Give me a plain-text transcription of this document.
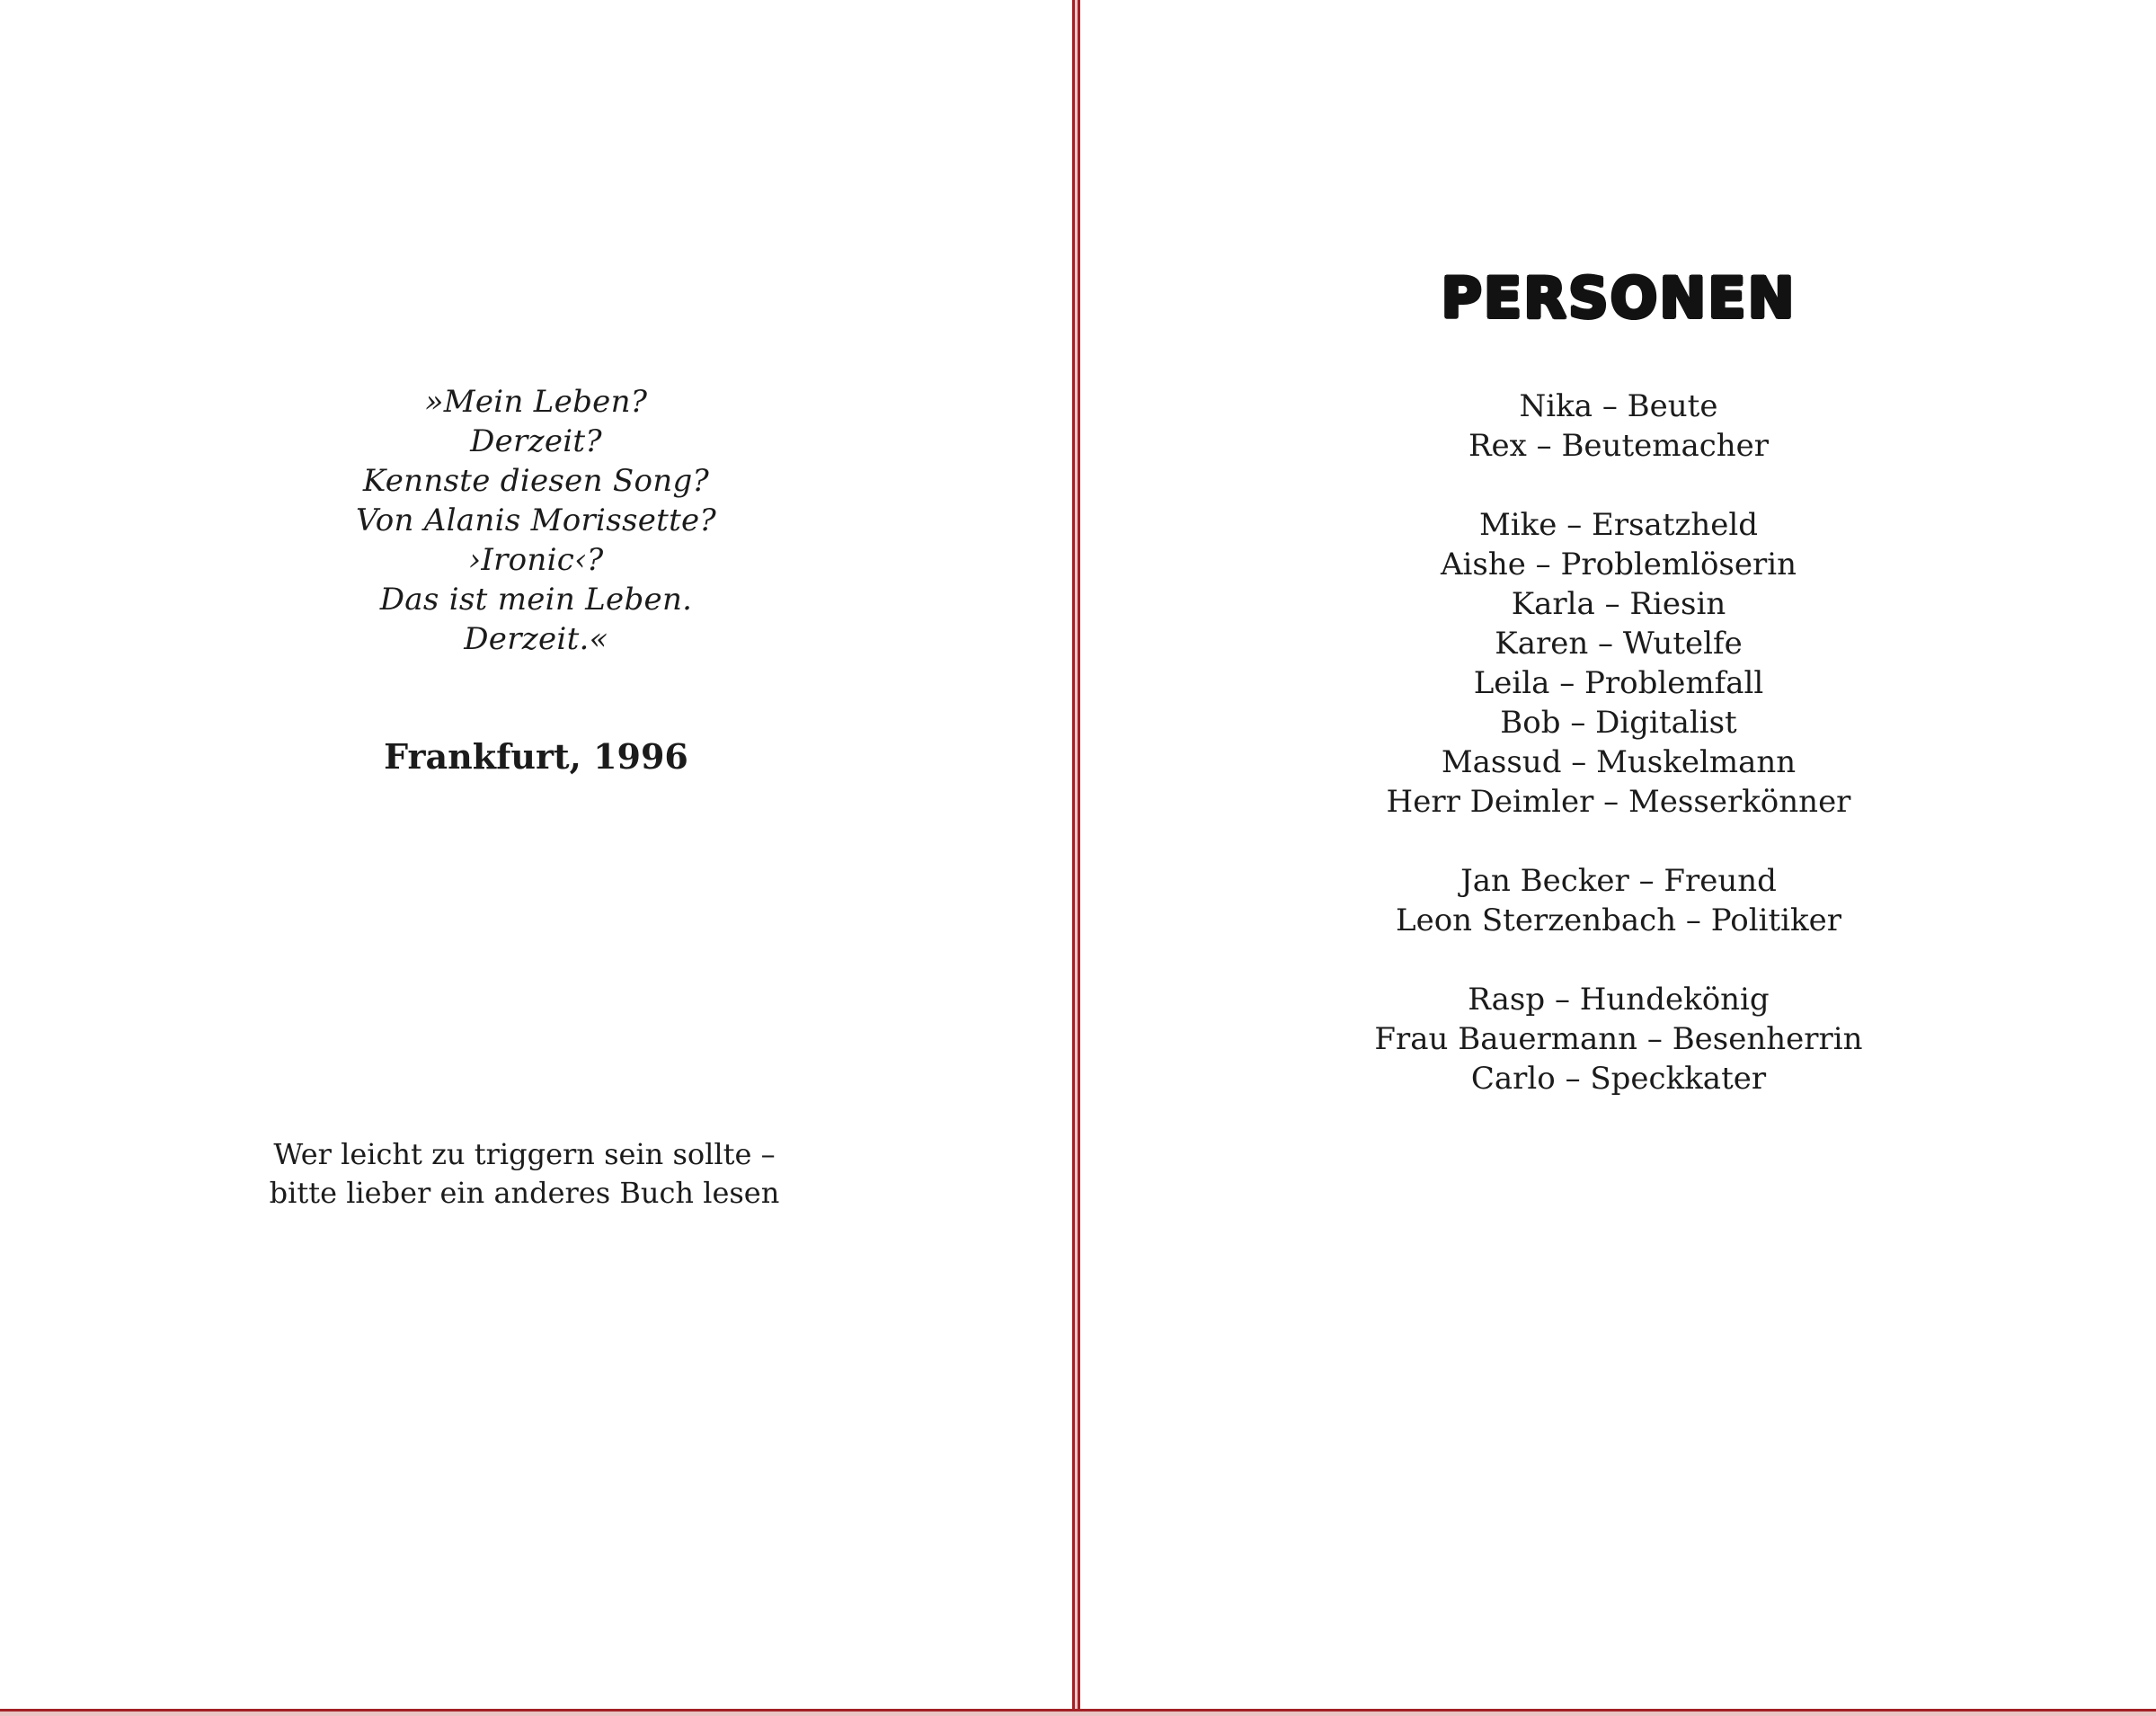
»Mein Leben?
Derzeit?
Kennste diesen Song?
Von Alanis Morissette?
›Ironic‹?
Das ist mein Leben.
Derzeit.«
Frankfurt, 1996
Wer leicht zu triggern sein sollte –
bitte lieber ein anderes Buch lesen
PERSONEN
Nika – Beute
Rex – Beutemacher
Mike – Ersatzheld
Aishe – Problemlöserin
Karla – Riesin
Karen – Wutelfe
Leila – Problemfall
Bob – Digitalist
Massud – Muskelmann
Herr Deimler – Messerkönner
Jan Becker – Freund
Leon Sterzenbach – Politiker
Rasp – Hundekönig
Frau Bauermann – Besenherrin
Carlo – Speckkater
